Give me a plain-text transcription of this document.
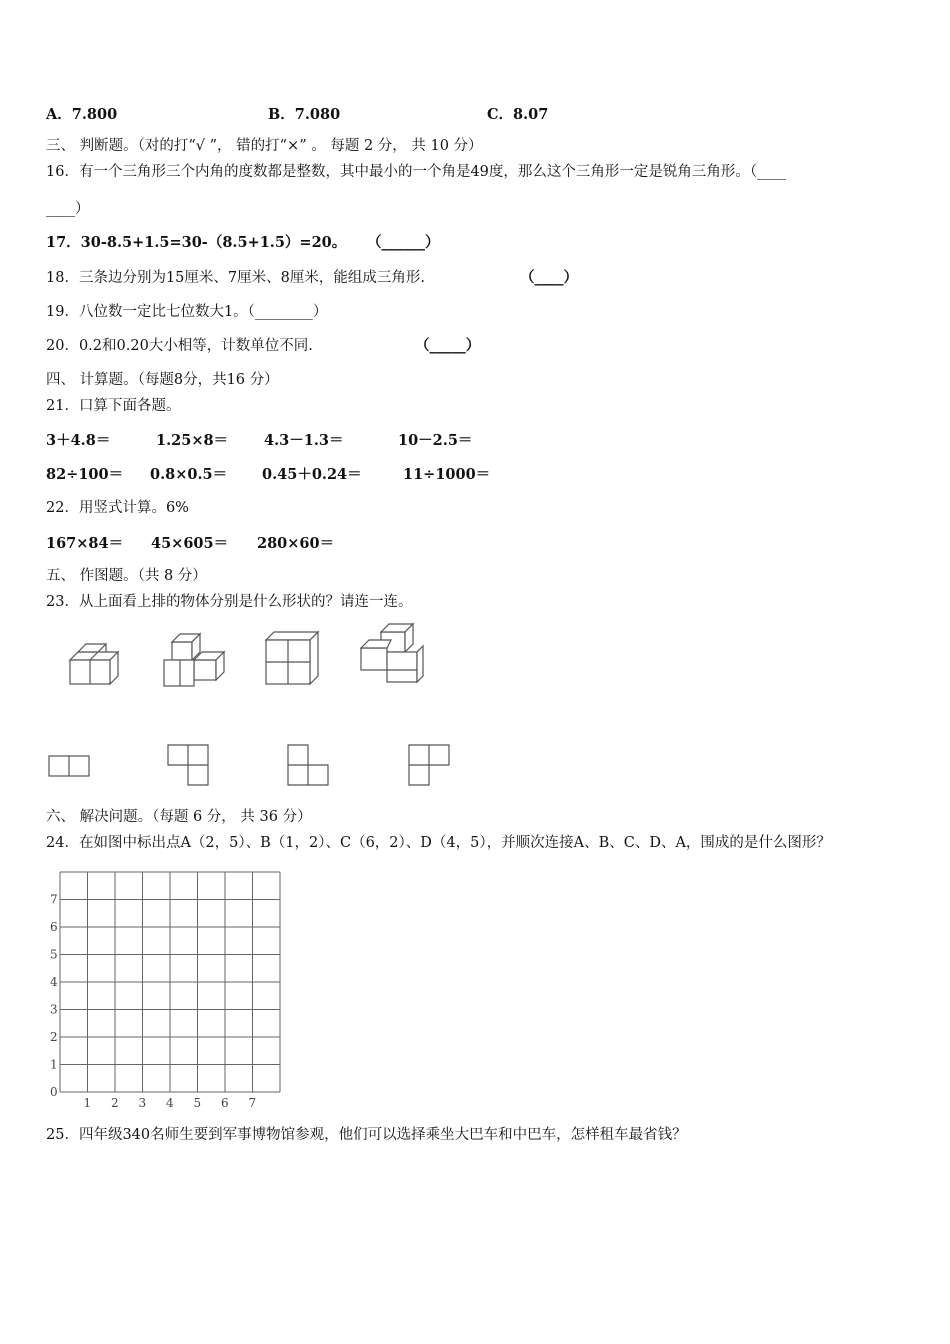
A．7.800	B．7.080	C．8.07
三、 判断题。（对的打“√ ”， 错的打“×” 。 每题 2 分， 共 10 分）
16．有一个三角形三个内角的度数都是整数，其中最小的一个角是49度，那么这个三角形一定是锐角三角形。（____
____）
17．30-8.5+1.5=30-（8.5+1.5）=20。 （______）
18．三条边分别为15厘米、7厘米、8厘米，能组成三角形.	（____）
19．八位数一定比七位数大1。（________）
20．0.2和0.20大小相等，计数单位不同.	（_____）
四、 计算题。（每题8分，共16 分）
21．口算下面各题。
3＋4.8＝	1.25×8＝ 4.3－1.3＝	10－2.5＝
82÷100＝ 0.8×0.5＝ 0.45＋0.24＝	11÷1000＝
22．用竖式计算。6%
167×84＝ 45×605＝ 280×60＝
五、 作图题。（共 8 分）
23．从上面看上排的物体分别是什么形状的？请连一连。
六、 解决问题。（每题 6 分， 共 36 分）
24．在如图中标出点A（2，5）、B（1，2）、C（6，2）、D（4，5），并顺次连接A、B、C、D、A，围成的是什么图形？
7
6
5
4
3
2
1
0
1 2 3 4 5 6 7
25．四年级340名师生要到军事博物馆参观，他们可以选择乘坐大巴车和中巴车，怎样租车最省钱？
